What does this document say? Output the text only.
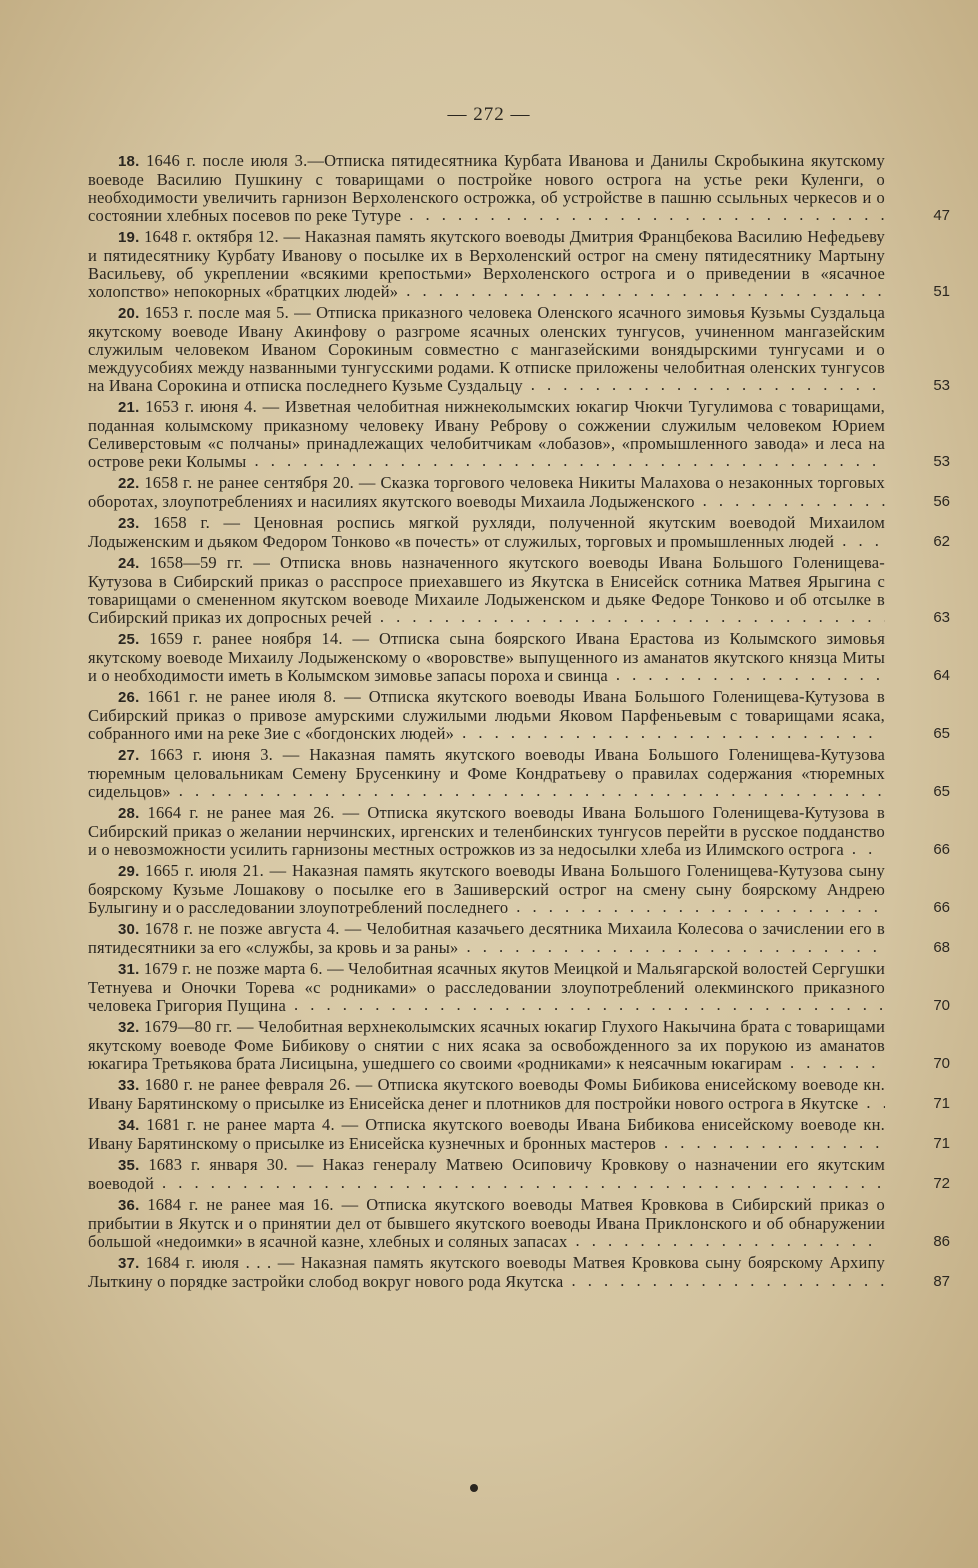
— 272 —
18. 1646 г. после июля 3.—Отписка пятидесятника Курбата Иванова и Данилы Скробыкина якутскому воеводе Василию Пушкину с товарищами о постройке нового острога на устье реки Куленги, о необходимости увеличить гарнизон Верхоленского острожка, об устройстве в пашню ссыльных черкесов и о состоянии хлебных посевов по реке Тутуре	47
19. 1648 г. октября 12. — Наказная память якутского воеводы Дмитрия Францбекова Василию Нефедьеву и пятидесятнику Курбату Иванову о посылке их в Верхоленский острог на смену пятидесятнику Мартыну Васильеву, об укреплении «всякими крепостьми» Верхоленского острога и о приведении в «ясачное холопство» непокорных «братцких людей»	51
20. 1653 г. после мая 5. — Отписка приказного человека Оленского ясачного зимовья Кузьмы Суздальца якутскому воеводе Ивану Акинфову о разгроме ясачных оленских тунгусов, учиненном мангазейским служилым человеком Иваном Сорокиным совместно с мангазейскими вонядырскими тунгусами и о междуусобиях между названными тунгусскими родами. К отписке приложены челобитная оленских тунгусов на Ивана Сорокина и отписка последнего Кузьме Суздальцу	53
21. 1653 г. июня 4. — Изветная челобитная нижнеколымских юкагир Чюкчи Тугулимова с товарищами, поданная колымскому приказному человеку Ивану Реброву о сожжении служилым человеком Юрием Селиверстовым «с полчаны» принадлежащих челобитчикам «лобазов», «промышленного завода» и леса на острове реки Колымы	53
22. 1658 г. не ранее сентября 20. — Сказка торгового человека Никиты Малахова о незаконных торговых оборотах, злоупотреблениях и насилиях якутского воеводы Михаила Лодыженского	56
23. 1658 г. — Ценовная роспись мягкой рухляди, полученной якутским воеводой Михаилом Лодыженским и дьяком Федором Тонково «в почесть» от служилых, торговых и промышленных людей	62
24. 1658—59 гг. — Отписка вновь назначенного якутского воеводы Ивана Большого Голенищева-Кутузова в Сибирский приказ о расспросе приехавшего из Якутска в Енисейск сотника Матвея Ярыгина с товарищами о смененном якутском воеводе Михаиле Лодыженском и дьяке Федоре Тонково и об отсылке в Сибирский приказ их допросных речей	63
25. 1659 г. ранее ноября 14. — Отписка сына боярского Ивана Ерастова из Колымского зимовья якутскому воеводе Михаилу Лодыженскому о «воровстве» выпущенного из аманатов якутского князца Миты и о необходимости иметь в Колымском зимовье запасы пороха и свинца	64
26. 1661 г. не ранее июля 8. — Отписка якутского воеводы Ивана Большого Голенищева-Кутузова в Сибирский приказ о привозе амурскими служилыми людьми Яковом Парфеньевым с товарищами ясака, собранного ими на реке Зие с «богдонских людей»	65
27. 1663 г. июня 3. — Наказная память якутского воеводы Ивана Большого Голенищева-Кутузова тюремным целовальникам Семену Брусенкину и Фоме Кондратьеву о правилах содержания «тюремных сидельцов»	65
28. 1664 г. не ранее мая 26. — Отписка якутского воеводы Ивана Большого Голенищева-Кутузова в Сибирский приказ о желании нерчинских, иргенских и теленбинских тунгусов перейти в русское подданство и о невозможности усилить гарнизоны местных острожков из за недосылки хлеба из Илимского острога	66
29. 1665 г. июля 21. — Наказная память якутского воеводы Ивана Большого Голенищева-Кутузова сыну боярскому Кузьме Лошакову о посылке его в Зашиверский острог на смену сыну боярскому Андрею Булыгину и о расследовании злоупотреблений последнего	66
30. 1678 г. не позже августа 4. — Челобитная казачьего десятника Михаила Колесова о зачислении его в пятидесятники за его «службы, за кровь и за раны»	68
31. 1679 г. не позже марта 6. — Челобитная ясачных якутов Меицкой и Мальягарской волостей Сергушки Тетнуева и Оночки Торева «с родниками» о расследовании злоупотреблений олекминского приказного человека Григория Пущина	70
32. 1679—80 гг. — Челобитная верхнеколымских ясачных юкагир Глухого Накычина брата с товарищами якутскому воеводе Фоме Бибикову о снятии с них ясака за освобожденного за их порукою из аманатов юкагира Третьякова брата Лисицына, ушедшего со своими «родниками» к неясачным юкагирам	70
33. 1680 г. не ранее февраля 26. — Отписка якутского воеводы Фомы Бибикова енисейскому воеводе кн. Ивану Барятинскому о присылке из Енисейска денег и плотников для постройки нового острога в Якутске	71
34. 1681 г. не ранее марта 4. — Отписка якутского воеводы Ивана Бибикова енисейскому воеводе кн. Ивану Барятинскому о присылке из Енисейска кузнечных и бронных мастеров	71
35. 1683 г. января 30. — Наказ генералу Матвею Осиповичу Кровкову о назначении его якутским воеводой	72
36. 1684 г. не ранее мая 16. — Отписка якутского воеводы Матвея Кровкова в Сибирский приказ о прибытии в Якутск и о принятии дел от бывшего якутского воеводы Ивана Приклонского и об обнаружении большой «недоимки» в ясачной казне, хлебных и соляных запасах	86
37. 1684 г. июля . . . — Наказная память якутского воеводы Матвея Кровкова сыну боярскому Архипу Лыткину о порядке застройки слобод вокруг нового рода Якутска	87
